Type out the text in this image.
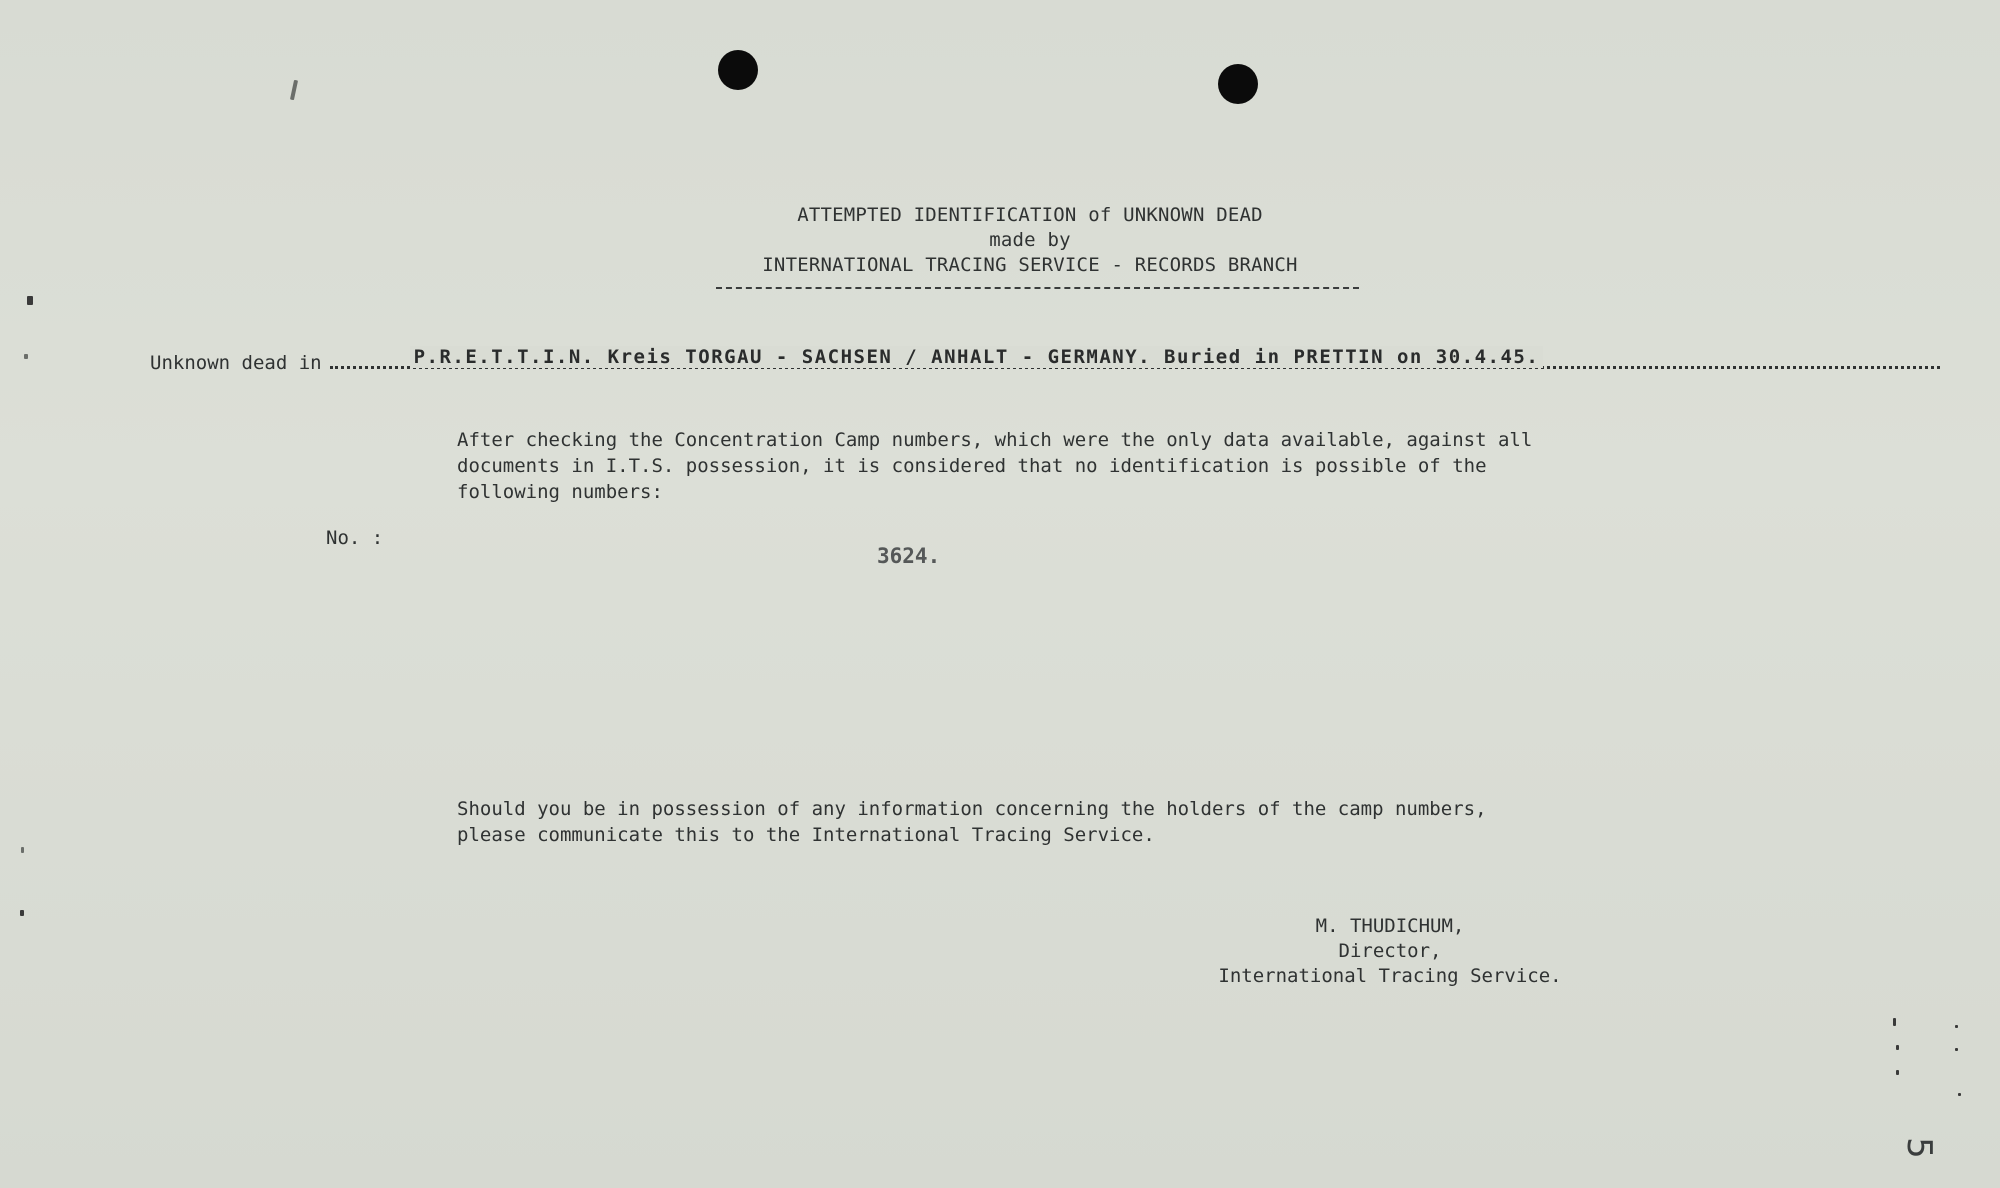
ATTEMPTED IDENTIFICATION of UNKNOWN DEAD
made by
INTERNATIONAL TRACING SERVICE - RECORDS BRANCH
Unknown dead in	P.R.E.T.T.I.N. Kreis TORGAU - SACHSEN / ANHALT - GERMANY. Buried in PRETTIN on 30.4.45.
After checking the Concentration Camp numbers, which were the only data available, against all
documents in I.T.S. possession, it is considered that no identification is possible of the
following numbers:
No. :
3624.
Should you be in possession of any information concerning the holders of the camp numbers,
please communicate this to the International Tracing Service.
M. THUDICHUM,
Director,
International Tracing Service.
5
